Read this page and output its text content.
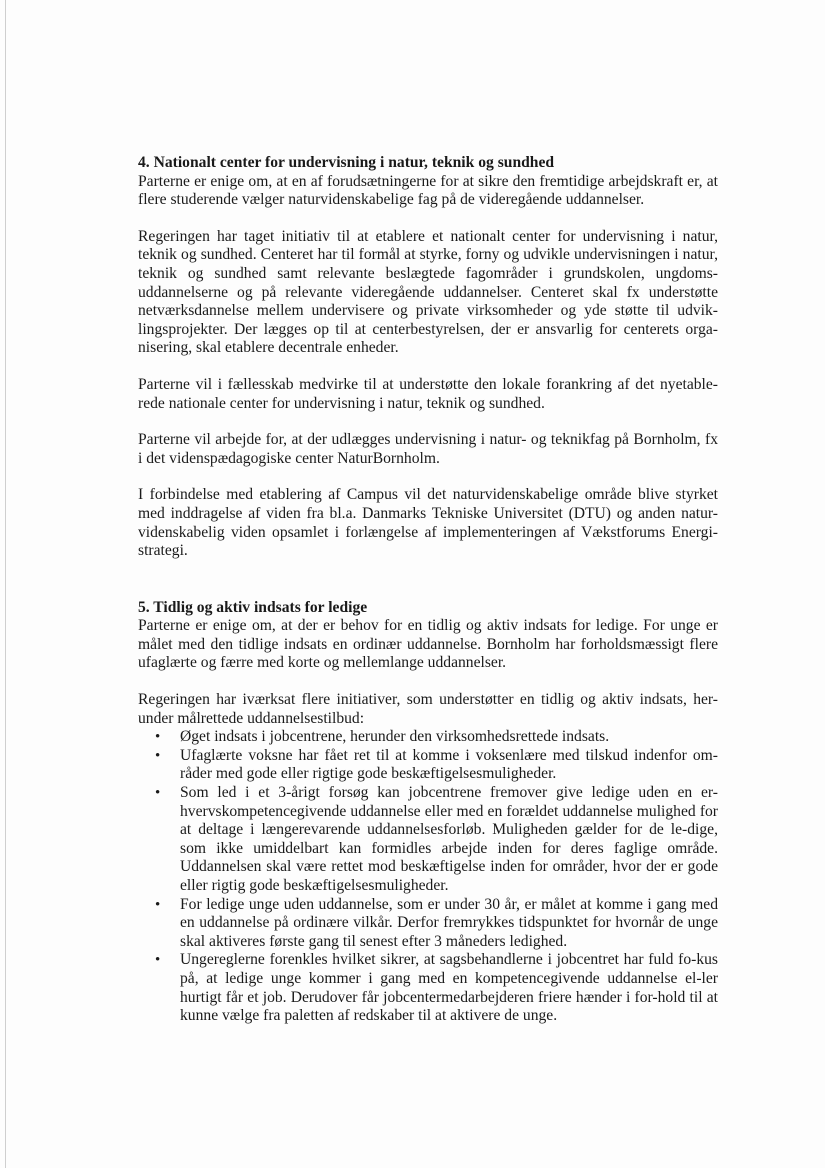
4. Nationalt center for undervisning i natur, teknik og sundhed

Parterne er enige om, at en af forudsætningerne for at sikre den fremtidige arbejdskraft er, at flere studerende vælger naturvidenskabelige fag på de videregående uddannelser.

Regeringen har taget initiativ til at etablere et nationalt center for undervisning i natur, teknik og sundhed. Centeret har til formål at styrke, forny og udvikle undervisningen i natur, teknik og sundhed samt relevante beslægtede fagområder i grundskolen, ungdoms-uddannelserne og på relevante videregående uddannelser. Centeret skal fx understøtte netværksdannelse mellem undervisere og private virksomheder og yde støtte til udvik-lingsprojekter. Der lægges op til at centerbestyrelsen, der er ansvarlig for centerets orga-nisering, skal etablere decentrale enheder.

Parterne vil i fællesskab medvirke til at understøtte den lokale forankring af det nyetable-rede nationale center for undervisning i natur, teknik og sundhed.

Parterne vil arbejde for, at der udlægges undervisning i natur- og teknikfag på Bornholm, fx i det videnspædagogiske center NaturBornholm.

I forbindelse med etablering af Campus vil det naturvidenskabelige område blive styrket med inddragelse af viden fra bl.a. Danmarks Tekniske Universitet (DTU) og anden natur-videnskabelig viden opsamlet i forlængelse af implementeringen af Vækstforums Energi-strategi.

5. Tidlig og aktiv indsats for ledige

Parterne er enige om, at der er behov for en tidlig og aktiv indsats for ledige. For unge er målet med den tidlige indsats en ordinær uddannelse. Bornholm har forholdsmæssigt flere ufaglærte og færre med korte og mellemlange uddannelser.

Regeringen har iværksat flere initiativer, som understøtter en tidlig og aktiv indsats, her-under målrettede uddannelsestilbud:

• Øget indsats i jobcentrene, herunder den virksomhedsrettede indsats.
• Ufaglærte voksne har fået ret til at komme i voksenlære med tilskud indenfor om-råder med gode eller rigtige gode beskæftigelsesmuligheder.
• Som led i et 3-årigt forsøg kan jobcentrene fremover give ledige uden en er-hvervskompetencegivende uddannelse eller med en forældet uddannelse mulighed for at deltage i længerevarende uddannelsesforløb. Muligheden gælder for de le-dige, som ikke umiddelbart kan formidles arbejde inden for deres faglige område. Uddannelsen skal være rettet mod beskæftigelse inden for områder, hvor der er gode eller rigtig gode beskæftigelsesmuligheder.
• For ledige unge uden uddannelse, som er under 30 år, er målet at komme i gang med en uddannelse på ordinære vilkår. Derfor fremrykkes tidspunktet for hvornår de unge skal aktiveres første gang til senest efter 3 måneders ledighed.
• Ungereglerne forenkles hvilket sikrer, at sagsbehandlerne i jobcentret har fuld fo-kus på, at ledige unge kommer i gang med en kompetencegivende uddannelse el-ler hurtigt får et job. Derudover får jobcentermedarbejderen friere hænder i for-hold til at kunne vælge fra paletten af redskaber til at aktivere de unge.
